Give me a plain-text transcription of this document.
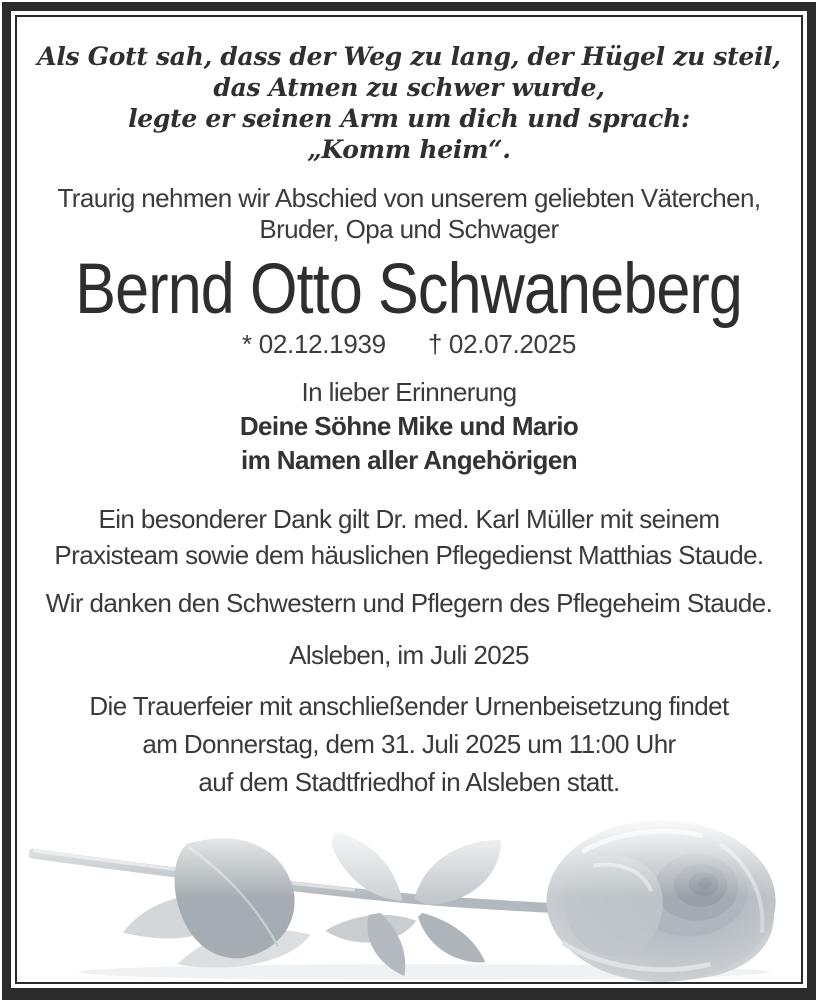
Als Gott sah, dass der Weg zu lang, der Hügel zu steil,
das Atmen zu schwer wurde,
legte er seinen Arm um dich und sprach:
„Komm heim“.
Traurig nehmen wir Abschied von unserem geliebten Väterchen,
Bruder, Opa und Schwager
Bernd Otto Schwaneberg
* 02.12.1939 † 02.07.2025
In lieber Erinnerung
Deine Söhne Mike und Mario
im Namen aller Angehörigen
Ein besonderer Dank gilt Dr. med. Karl Müller mit seinem
Praxisteam sowie dem häuslichen Pflegedienst Matthias Staude.
Wir danken den Schwestern und Pflegern des Pflegeheim Staude.
Alsleben, im Juli 2025
Die Trauerfeier mit anschließender Urnenbeisetzung findet
am Donnerstag, dem 31. Juli 2025 um 11:00 Uhr
auf dem Stadtfriedhof in Alsleben statt.
